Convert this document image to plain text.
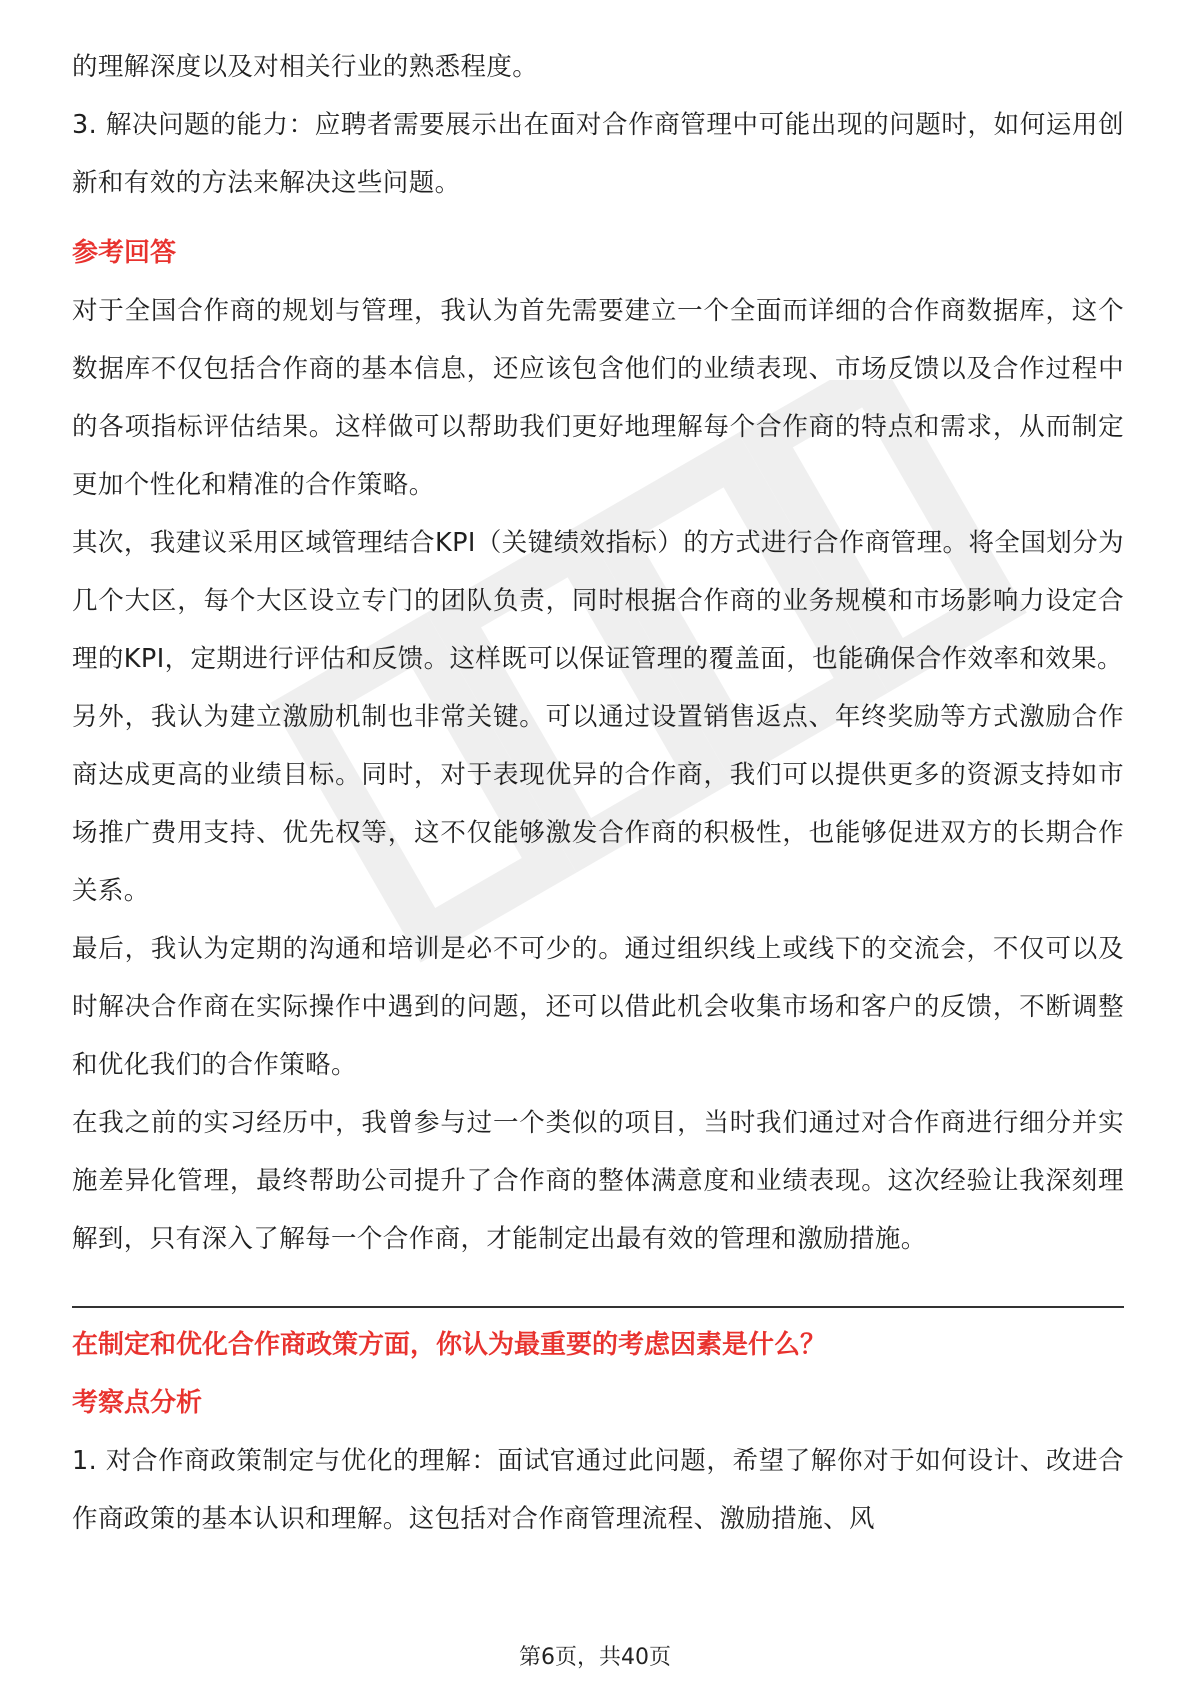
的理解深度以及对相关行业的熟悉程度。

3. 解决问题的能力：应聘者需要展示出在面对合作商管理中可能出现的问题时，如何运用创新和有效的方法来解决这些问题。

参考回答

对于全国合作商的规划与管理，我认为首先需要建立一个全面而详细的合作商数据库，这个数据库不仅包括合作商的基本信息，还应该包含他们的业绩表现、市场反馈以及合作过程中的各项指标评估结果。这样做可以帮助我们更好地理解每个合作商的特点和需求，从而制定更加个性化和精准的合作策略。

其次，我建议采用区域管理结合KPI（关键绩效指标）的方式进行合作商管理。将全国划分为几个大区，每个大区设立专门的团队负责，同时根据合作商的业务规模和市场影响力设定合理的KPI，定期进行评估和反馈。这样既可以保证管理的覆盖面，也能确保合作效率和效果。

另外，我认为建立激励机制也非常关键。可以通过设置销售返点、年终奖励等方式激励合作商达成更高的业绩目标。同时，对于表现优异的合作商，我们可以提供更多的资源支持如市场推广费用支持、优先权等，这不仅能够激发合作商的积极性，也能够促进双方的长期合作关系。

最后，我认为定期的沟通和培训是必不可少的。通过组织线上或线下的交流会，不仅可以及时解决合作商在实际操作中遇到的问题，还可以借此机会收集市场和客户的反馈，不断调整和优化我们的合作策略。

在我之前的实习经历中，我曾参与过一个类似的项目，当时我们通过对合作商进行细分并实施差异化管理，最终帮助公司提升了合作商的整体满意度和业绩表现。这次经验让我深刻理解到，只有深入了解每一个合作商，才能制定出最有效的管理和激励措施。

在制定和优化合作商政策方面，你认为最重要的考虑因素是什么？

考察点分析

1. 对合作商政策制定与优化的理解：面试官通过此问题，希望了解你对于如何设计、改进合作商政策的基本认识和理解。这包括对合作商管理流程、激励措施、风

第6页，共40页
